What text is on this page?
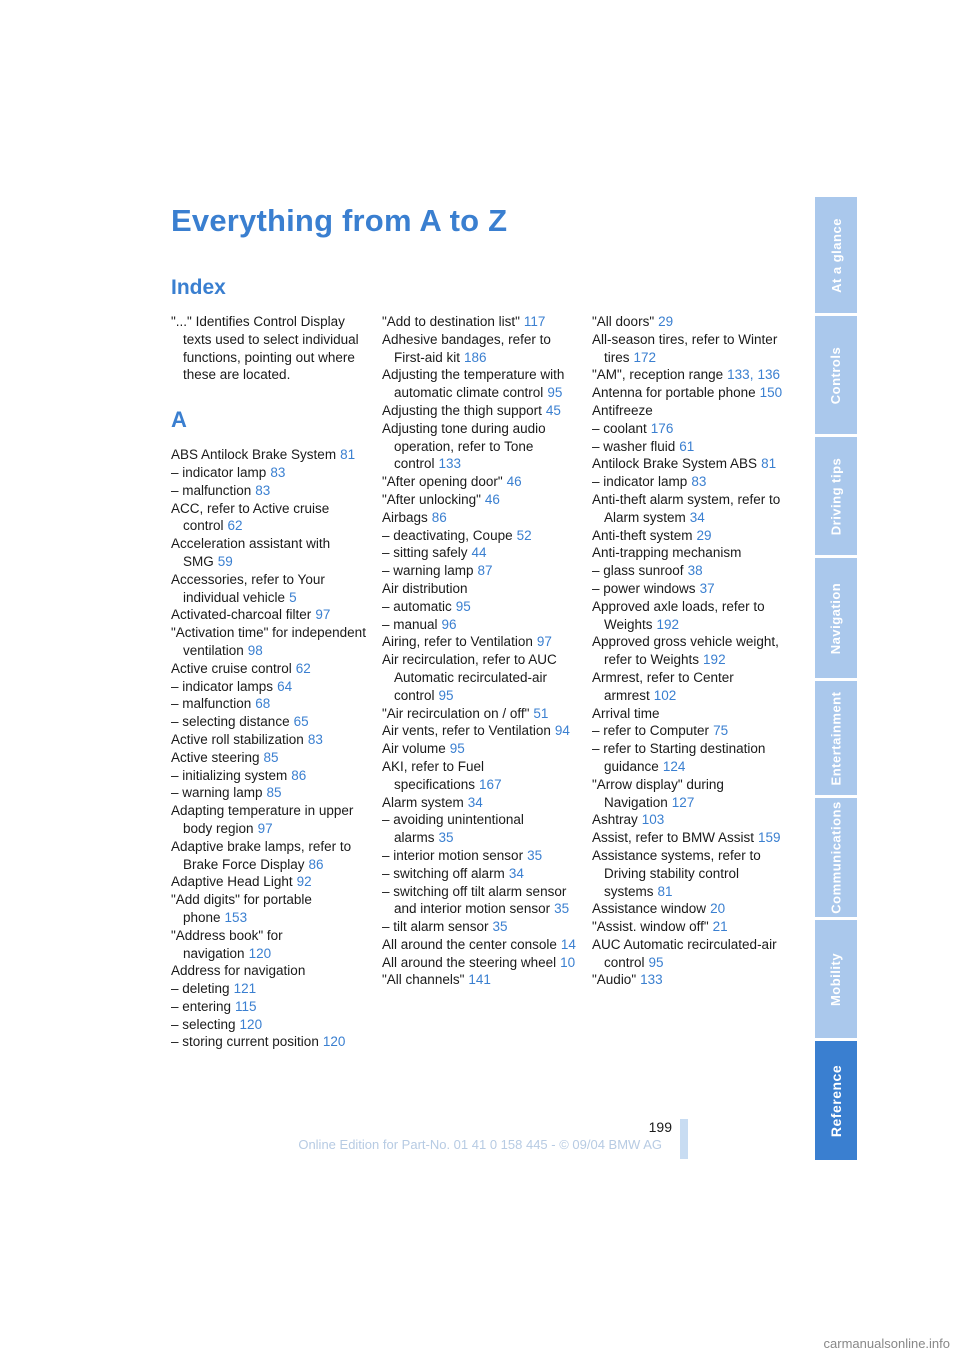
Everything from A to Z
Index
"..." Identifies Control Display texts used to select individual functions, pointing out where these are located.
A
ABS Antilock Brake System 81
– indicator lamp 83
– malfunction 83
ACC, refer to Active cruise control 62
Acceleration assistant with SMG 59
Accessories, refer to Your individual vehicle 5
Activated-charcoal filter 97
"Activation time" for independent ventilation 98
Active cruise control 62
– indicator lamps 64
– malfunction 68
– selecting distance 65
Active roll stabilization 83
Active steering 85
– initializing system 86
– warning lamp 85
Adapting temperature in upper body region 97
Adaptive brake lamps, refer to Brake Force Display 86
Adaptive Head Light 92
"Add digits" for portable phone 153
"Address book" for navigation 120
Address for navigation
– deleting 121
– entering 115
– selecting 120
– storing current position 120
"Add to destination list" 117
Adhesive bandages, refer to First-aid kit 186
Adjusting the temperature with automatic climate control 95
Adjusting the thigh support 45
Adjusting tone during audio operation, refer to Tone control 133
"After opening door" 46
"After unlocking" 46
Airbags 86
– deactivating, Coupe 52
– sitting safely 44
– warning lamp 87
Air distribution
– automatic 95
– manual 96
Airing, refer to Ventilation 97
Air recirculation, refer to AUC Automatic recirculated-air control 95
"Air recirculation on / off" 51
Air vents, refer to Ventilation 94
Air volume 95
AKI, refer to Fuel specifications 167
Alarm system 34
– avoiding unintentional alarms 35
– interior motion sensor 35
– switching off alarm 34
– switching off tilt alarm sensor and interior motion sensor 35
– tilt alarm sensor 35
All around the center console 14
All around the steering wheel 10
"All channels" 141
"All doors" 29
All-season tires, refer to Winter tires 172
"AM", reception range 133, 136
Antenna for portable phone 150
Antifreeze
– coolant 176
– washer fluid 61
Antilock Brake System ABS 81
– indicator lamp 83
Anti-theft alarm system, refer to Alarm system 34
Anti-theft system 29
Anti-trapping mechanism
– glass sunroof 38
– power windows 37
Approved axle loads, refer to Weights 192
Approved gross vehicle weight, refer to Weights 192
Armrest, refer to Center armrest 102
Arrival time
– refer to Computer 75
– refer to Starting destination guidance 124
"Arrow display" during Navigation 127
Ashtray 103
Assist, refer to BMW Assist 159
Assistance systems, refer to Driving stability control systems 81
Assistance window 20
"Assist. window off" 21
AUC Automatic recirculated-air control 95
"Audio" 133
At a glance
Controls
Driving tips
Navigation
Entertainment
Communications
Mobility
Reference
199
Online Edition for Part-No. 01 41 0 158 445 - © 09/04 BMW AG
carmanualsonline.info
